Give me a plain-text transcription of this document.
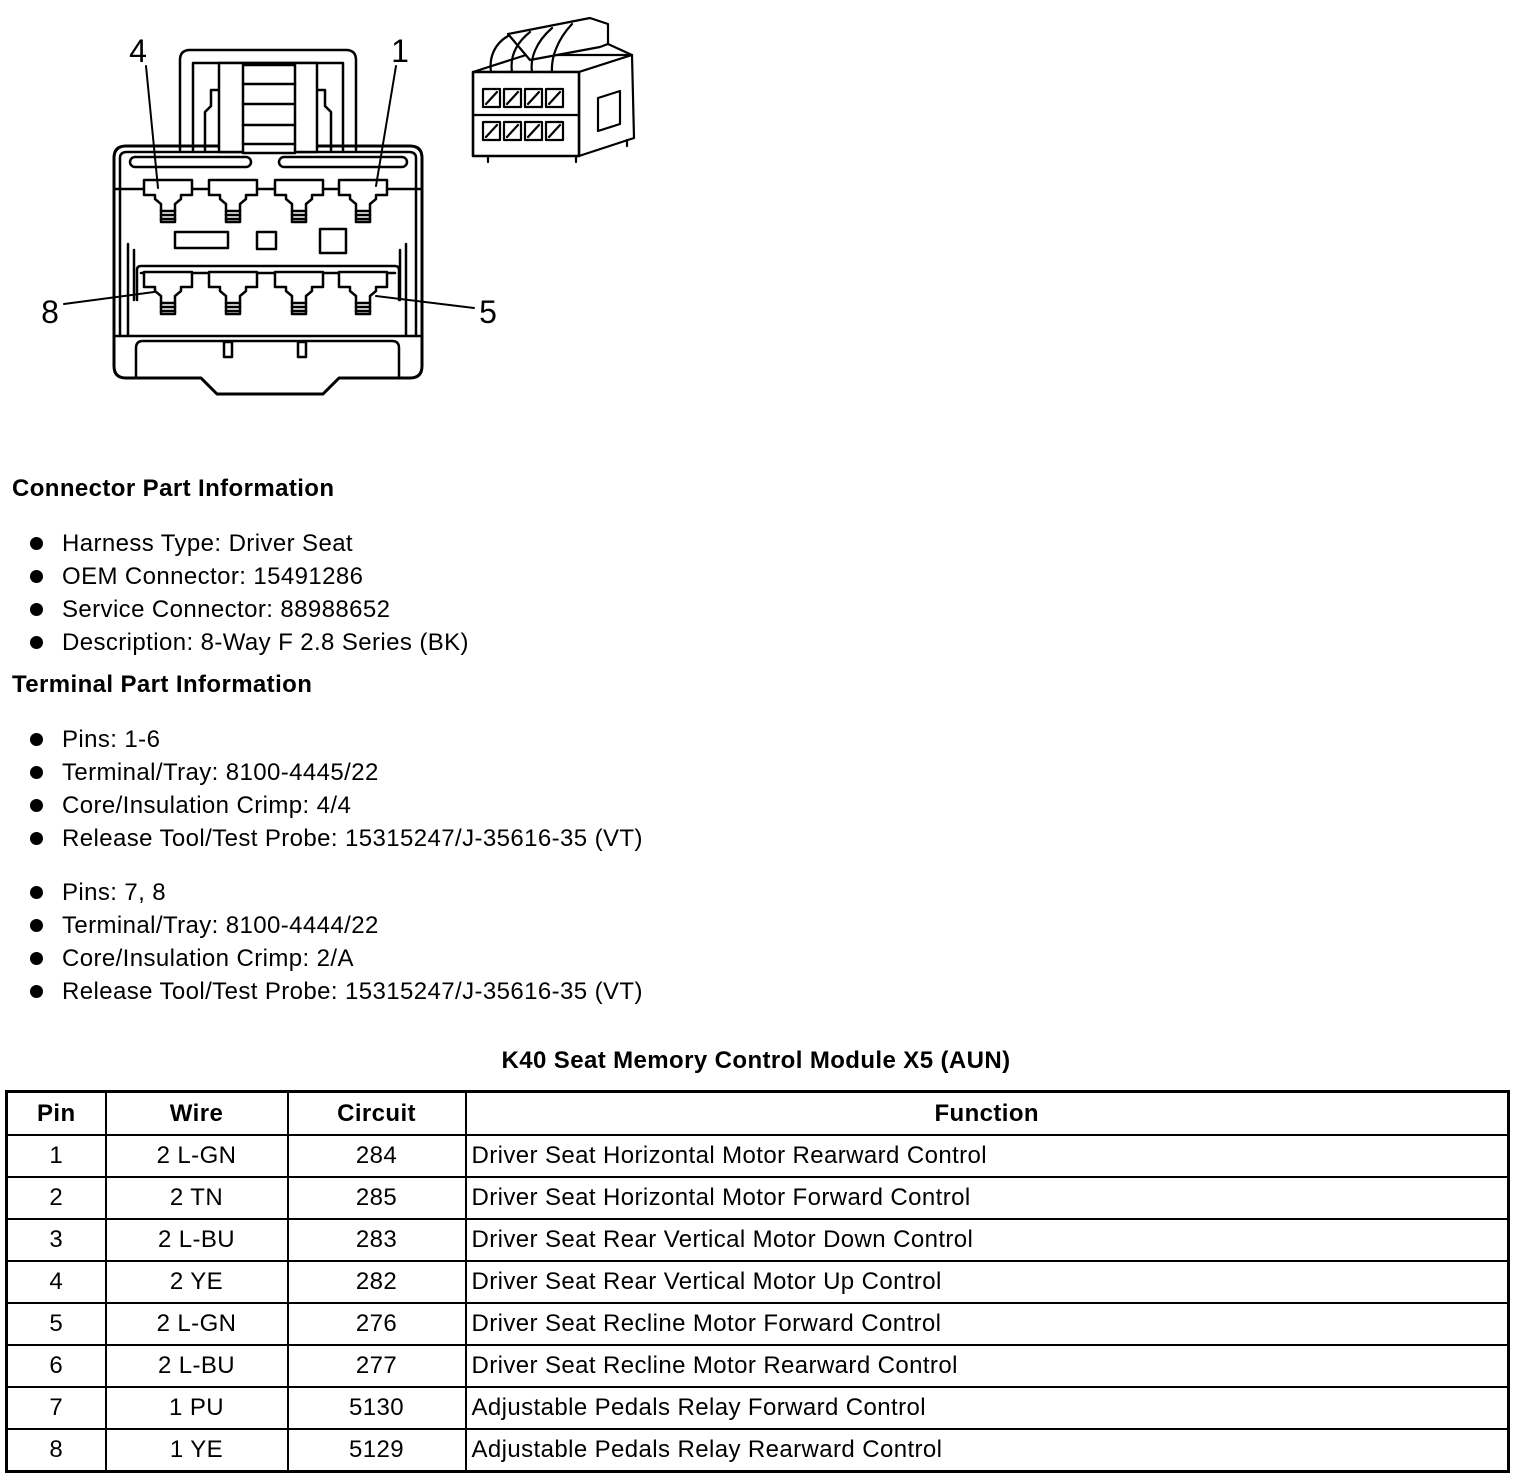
4	1
8	5
Connector Part Information
Harness Type: Driver Seat
OEM Connector: 15491286
Service Connector: 88988652
Description: 8-Way F 2.8 Series (BK)
Terminal Part Information
Pins: 1-6
Terminal/Tray: 8100-4445/22
Core/Insulation Crimp: 4/4
Release Tool/Test Probe: 15315247/J-35616-35 (VT)
Pins: 7, 8
Terminal/Tray: 8100-4444/22
Core/Insulation Crimp: 2/A
Release Tool/Test Probe: 15315247/J-35616-35 (VT)
K40 Seat Memory Control Module X5 (AUN)
Pin	Wire	Circuit	Function
1	2 L-GN	284	Driver Seat Horizontal Motor Rearward Control
2	2 TN	285	Driver Seat Horizontal Motor Forward Control
3	2 L-BU	283	Driver Seat Rear Vertical Motor Down Control
4	2 YE	282	Driver Seat Rear Vertical Motor Up Control
5	2 L-GN	276	Driver Seat Recline Motor Forward Control
6	2 L-BU	277	Driver Seat Recline Motor Rearward Control
7	1 PU	5130	Adjustable Pedals Relay Forward Control
8	1 YE	5129	Adjustable Pedals Relay Rearward Control
